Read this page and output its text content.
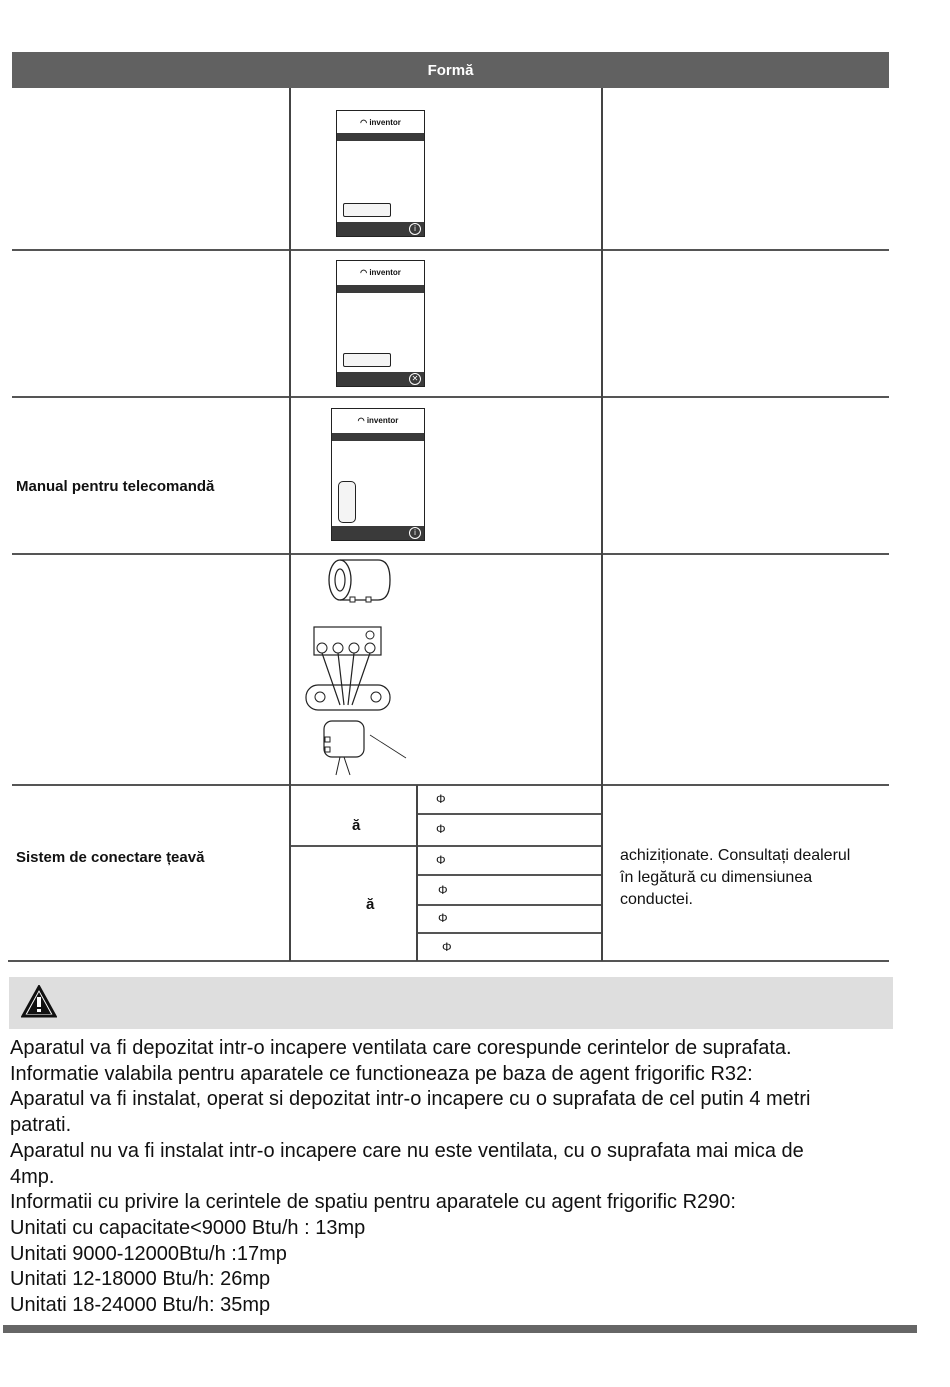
Formă
Manual pentru telecomandă
Sistem de conectare țeavă
◠ inventor
i
◠ inventor
✕
◠ inventor
i
ă
ă
Φ
Φ
Φ
Φ
Φ
Φ
achiziționate. Consultați dealerul
în legătură cu dimensiunea
conductei.
Aparatul va fi depozitat intr-o incapere ventilata care corespunde cerintelor de suprafata.
Informatie valabila pentru aparatele ce functioneaza pe baza de agent frigorific R32:
Aparatul va fi instalat, operat si depozitat intr-o incapere cu o suprafata de cel putin 4 metri
patrati.
Aparatul nu va fi instalat intr-o incapere care nu este ventilata, cu o suprafata mai mica de
4mp.
Informatii cu privire la cerintele de spatiu pentru aparatele cu agent frigorific R290:
Unitati cu capacitate<9000 Btu/h : 13mp
Unitati 9000-12000Btu/h :17mp
Unitati 12-18000 Btu/h: 26mp
Unitati 18-24000 Btu/h: 35mp
